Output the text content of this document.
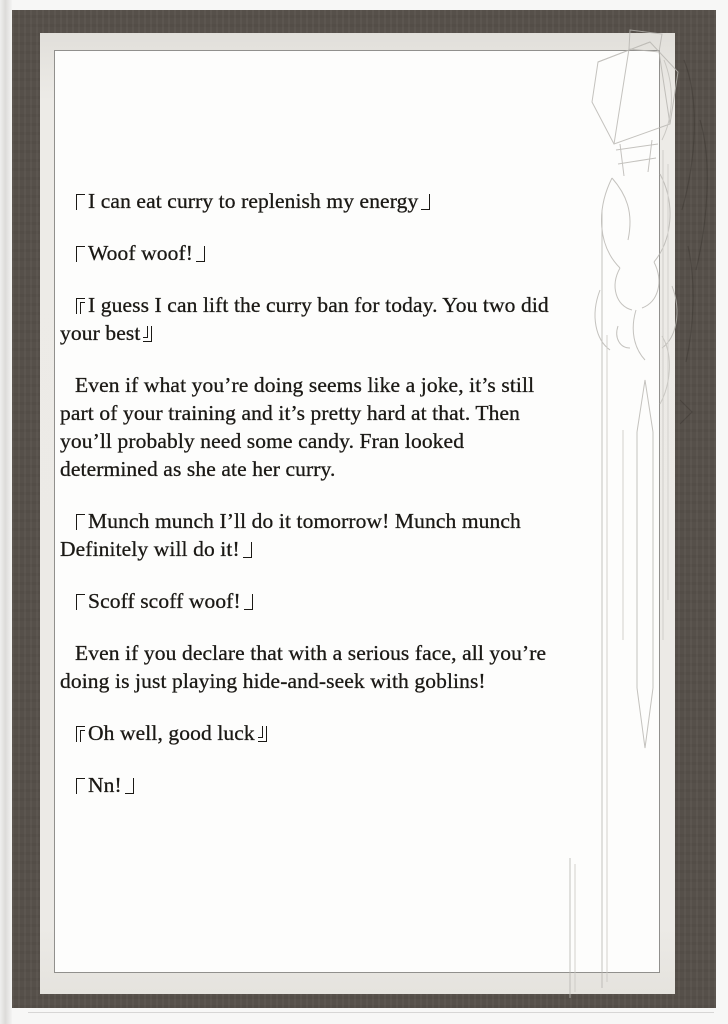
I can eat curry to replenish my energy
Woof woof!
I guess I can lift the curry ban for today. You two did
your best
Even if what you’re doing seems like a joke, it’s still
part of your training and it’s pretty hard at that. Then
you’ll probably need some candy. Fran looked
determined as she ate her curry.
Munch munch I’ll do it tomorrow! Munch munch
Definitely will do it!
Scoff scoff woof!
Even if you declare that with a serious face, all you’re
doing is just playing hide-and-seek with goblins!
Oh well, good luck
Nn!
